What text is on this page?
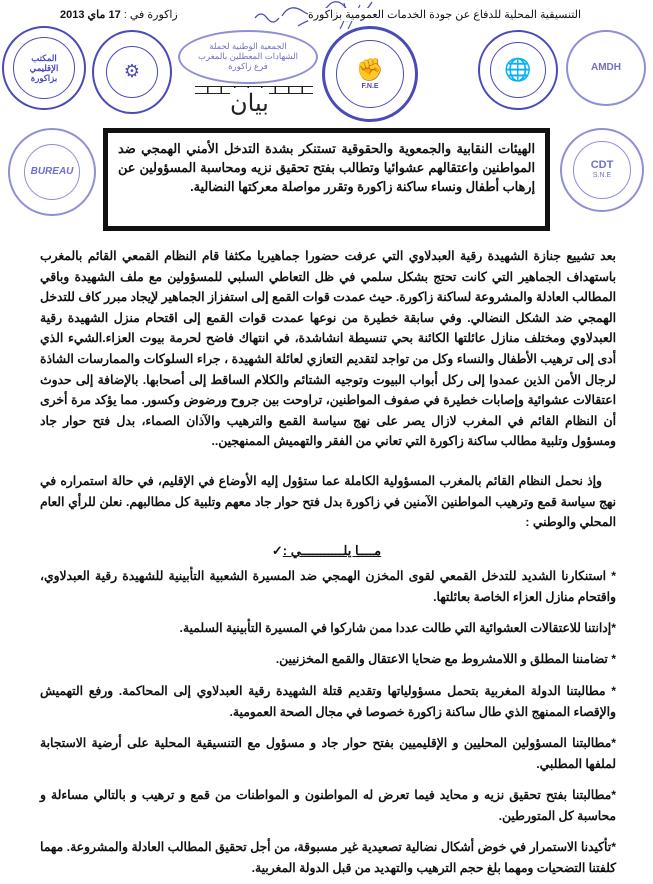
المكتب الإقليمي بزاكورة	⚙
الجمعية الوطنية لحملة
الشهادات المعطلين بالمغرب
فرع زاكورة	✊
F.N.E
🌐	AMDH
BUREAU
CDT
S.N.E
التنسيقية المحلية للدفاع عن جودة الخدمات العمومية بزاكورة
زاكورة في : 17 ماي 2013
بيان
الهيئات النقابية والجمعوية والحقوقية تستنكر بشدة التدخل الأمني الهمجي ضد المواطنين واعتقالهم عشوائيا وتطالب بفتح تحقيق نزيه ومحاسبة المسؤولين عن إرهاب أطفال ونساء ساكنة زاكورة وتقرر مواصلة معركتها النضالية.
بعد تشييع جنازة الشهيدة رقية العبدلاوي التي عرفت حضورا جماهيريا مكثفا قام النظام القمعي القائم بالمغرب باستهداف الجماهير التي كانت تحتج بشكل سلمي في ظل التعاطي السلبي للمسؤولين مع ملف الشهيدة وباقي المطالب العادلة والمشروعة لساكنة زاكورة. حيث عمدت قوات القمع إلى استفزاز الجماهير لإيجاد مبرر كاف للتدخل الهمجي ضد الشكل النضالي. وفي سابقة خطيرة من نوعها عمدت قوات القمع إلى اقتحام منزل الشهيدة رقية العبدلاوي ومختلف منازل عائلتها الكائنة بحي تنسيطة انشاشدة، في انتهاك فاضح لحرمة بيوت العزاء.الشيء الذي أدى إلى ترهيب الأطفال والنساء وكل من تواجد لتقديم التعازي لعائلة الشهيدة ، جراء السلوكات والممارسات الشاذة لرجال الأمن الذين عمدوا إلى ركل أبواب البيوت وتوجيه الشتائم والكلام الساقط إلى أصحابها. بالإضافة إلى حدوث اعتقالات عشوائية وإصابات خطيرة في صفوف المواطنين، تراوحت بين جروح ورضوض وكسور. مما يؤكد مرة أخرى أن النظام القائم في المغرب لازال يصر على نهج سياسة القمع والترهيب والآذان الصماء، بدل فتح حوار جاد ومسؤول وتلبية مطالب ساكنة زاكورة التي تعاني من الفقر والتهميش الممنهجين..
وإذ نحمل النظام القائم بالمغرب المسؤولية الكاملة عما ستؤول إليه الأوضاع في الإقليم، في حالة استمراره في نهج سياسة قمع وترهيب المواطنين الآمنين في زاكورة بدل فتح حوار جاد معهم وتلبية كل مطالبهم. نعلن للرأي العام المحلي والوطني :
مــــا يلـــــــــــي :✓
* استنكارنا الشديد للتدخل القمعي لقوى المخزن الهمجي ضد المسيرة الشعبية التأبينية للشهيدة رقية العبدلاوي، واقتحام منازل العزاء الخاصة بعائلتها.
*إدانتنا للاعتقالات العشوائية التي طالت عددا ممن شاركوا في المسيرة التأبينية السلمية.
* تضامننا المطلق و اللامشروط مع ضحايا الاعتقال والقمع المخزنيين.
* مطالبتنا الدولة المغربية بتحمل مسؤولياتها وتقديم قتلة الشهيدة رقية العبدلاوي إلى المحاكمة. ورفع التهميش والإقصاء الممنهج الذي طال ساكنة زاكورة خصوصا في مجال الصحة العمومية.
*مطالبتنا المسؤولين المحليين و الإقليميين بفتح حوار جاد و مسؤول مع التنسيقية المحلية على أرضية الاستجابة لملفها المطلبي.
*مطالبتنا بفتح تحقيق نزيه و محايد فيما تعرض له المواطنون و المواطنات من قمع و ترهيب و بالتالي مساءلة و محاسبة كل المتورطين.
*تأكيدنا الاستمرار في خوض أشكال نضالية تصعيدية غير مسبوقة، من أجل تحقيق المطالب العادلة والمشروعة. مهما كلفتنا التضحيات ومهما بلغ حجم الترهيب والتهديد من قبل الدولة المغربية.
